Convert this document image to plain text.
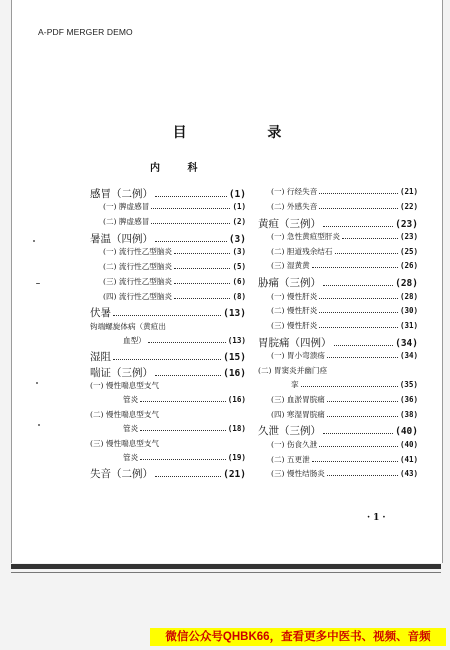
A-PDF MERGER DEMO
目 录
内 科
感冒（二例）	(1)
(一) 脾虚感冒	(1)
(二) 脾虚感冒	(2)
暑温（四例）	(3)
(一) 流行性乙型脑炎	(3)
(二) 流行性乙型脑炎	(5)
(三) 流行性乙型脑炎	(6)
(四) 流行性乙型脑炎	(8)
伏暑	(13)
钩端螺旋体病（黄疸出
血型）	(13)
湿阻	(15)
喘证（三例）	(16)
(一) 慢性喘息型支气
管炎	(16)
(二) 慢性喘息型支气
管炎	(18)
(三) 慢性喘息型支气
管炎	(19)
失音（二例）	(21)
(一) 行经失音	(21)
(二) 外感失音	(22)
黄疸（三例）	(23)
(一) 急性黄疸型肝炎	(23)
(二) 胆道残余结石	(25)
(三) 湿黄黄	(26)
胁痛（三例）	(28)
(一) 慢性肝炎	(28)
(二) 慢性肝炎	(30)
(三) 慢性肝炎	(31)
胃脘痛（四例）	(34)
(一) 胃小弯溃疡	(34)
(二) 胃窦炎并幽门痉
挛	(35)
(三) 血淤胃脘痛	(36)
(四) 寒湿胃脘痛	(38)
久泄（三例）	(40)
(一) 伤食久泄	(40)
(二) 五更泄	(41)
(三) 慢性结肠炎	(43)
·1·
微信公众号QHBK66，查看更多中医书、视频、音频
